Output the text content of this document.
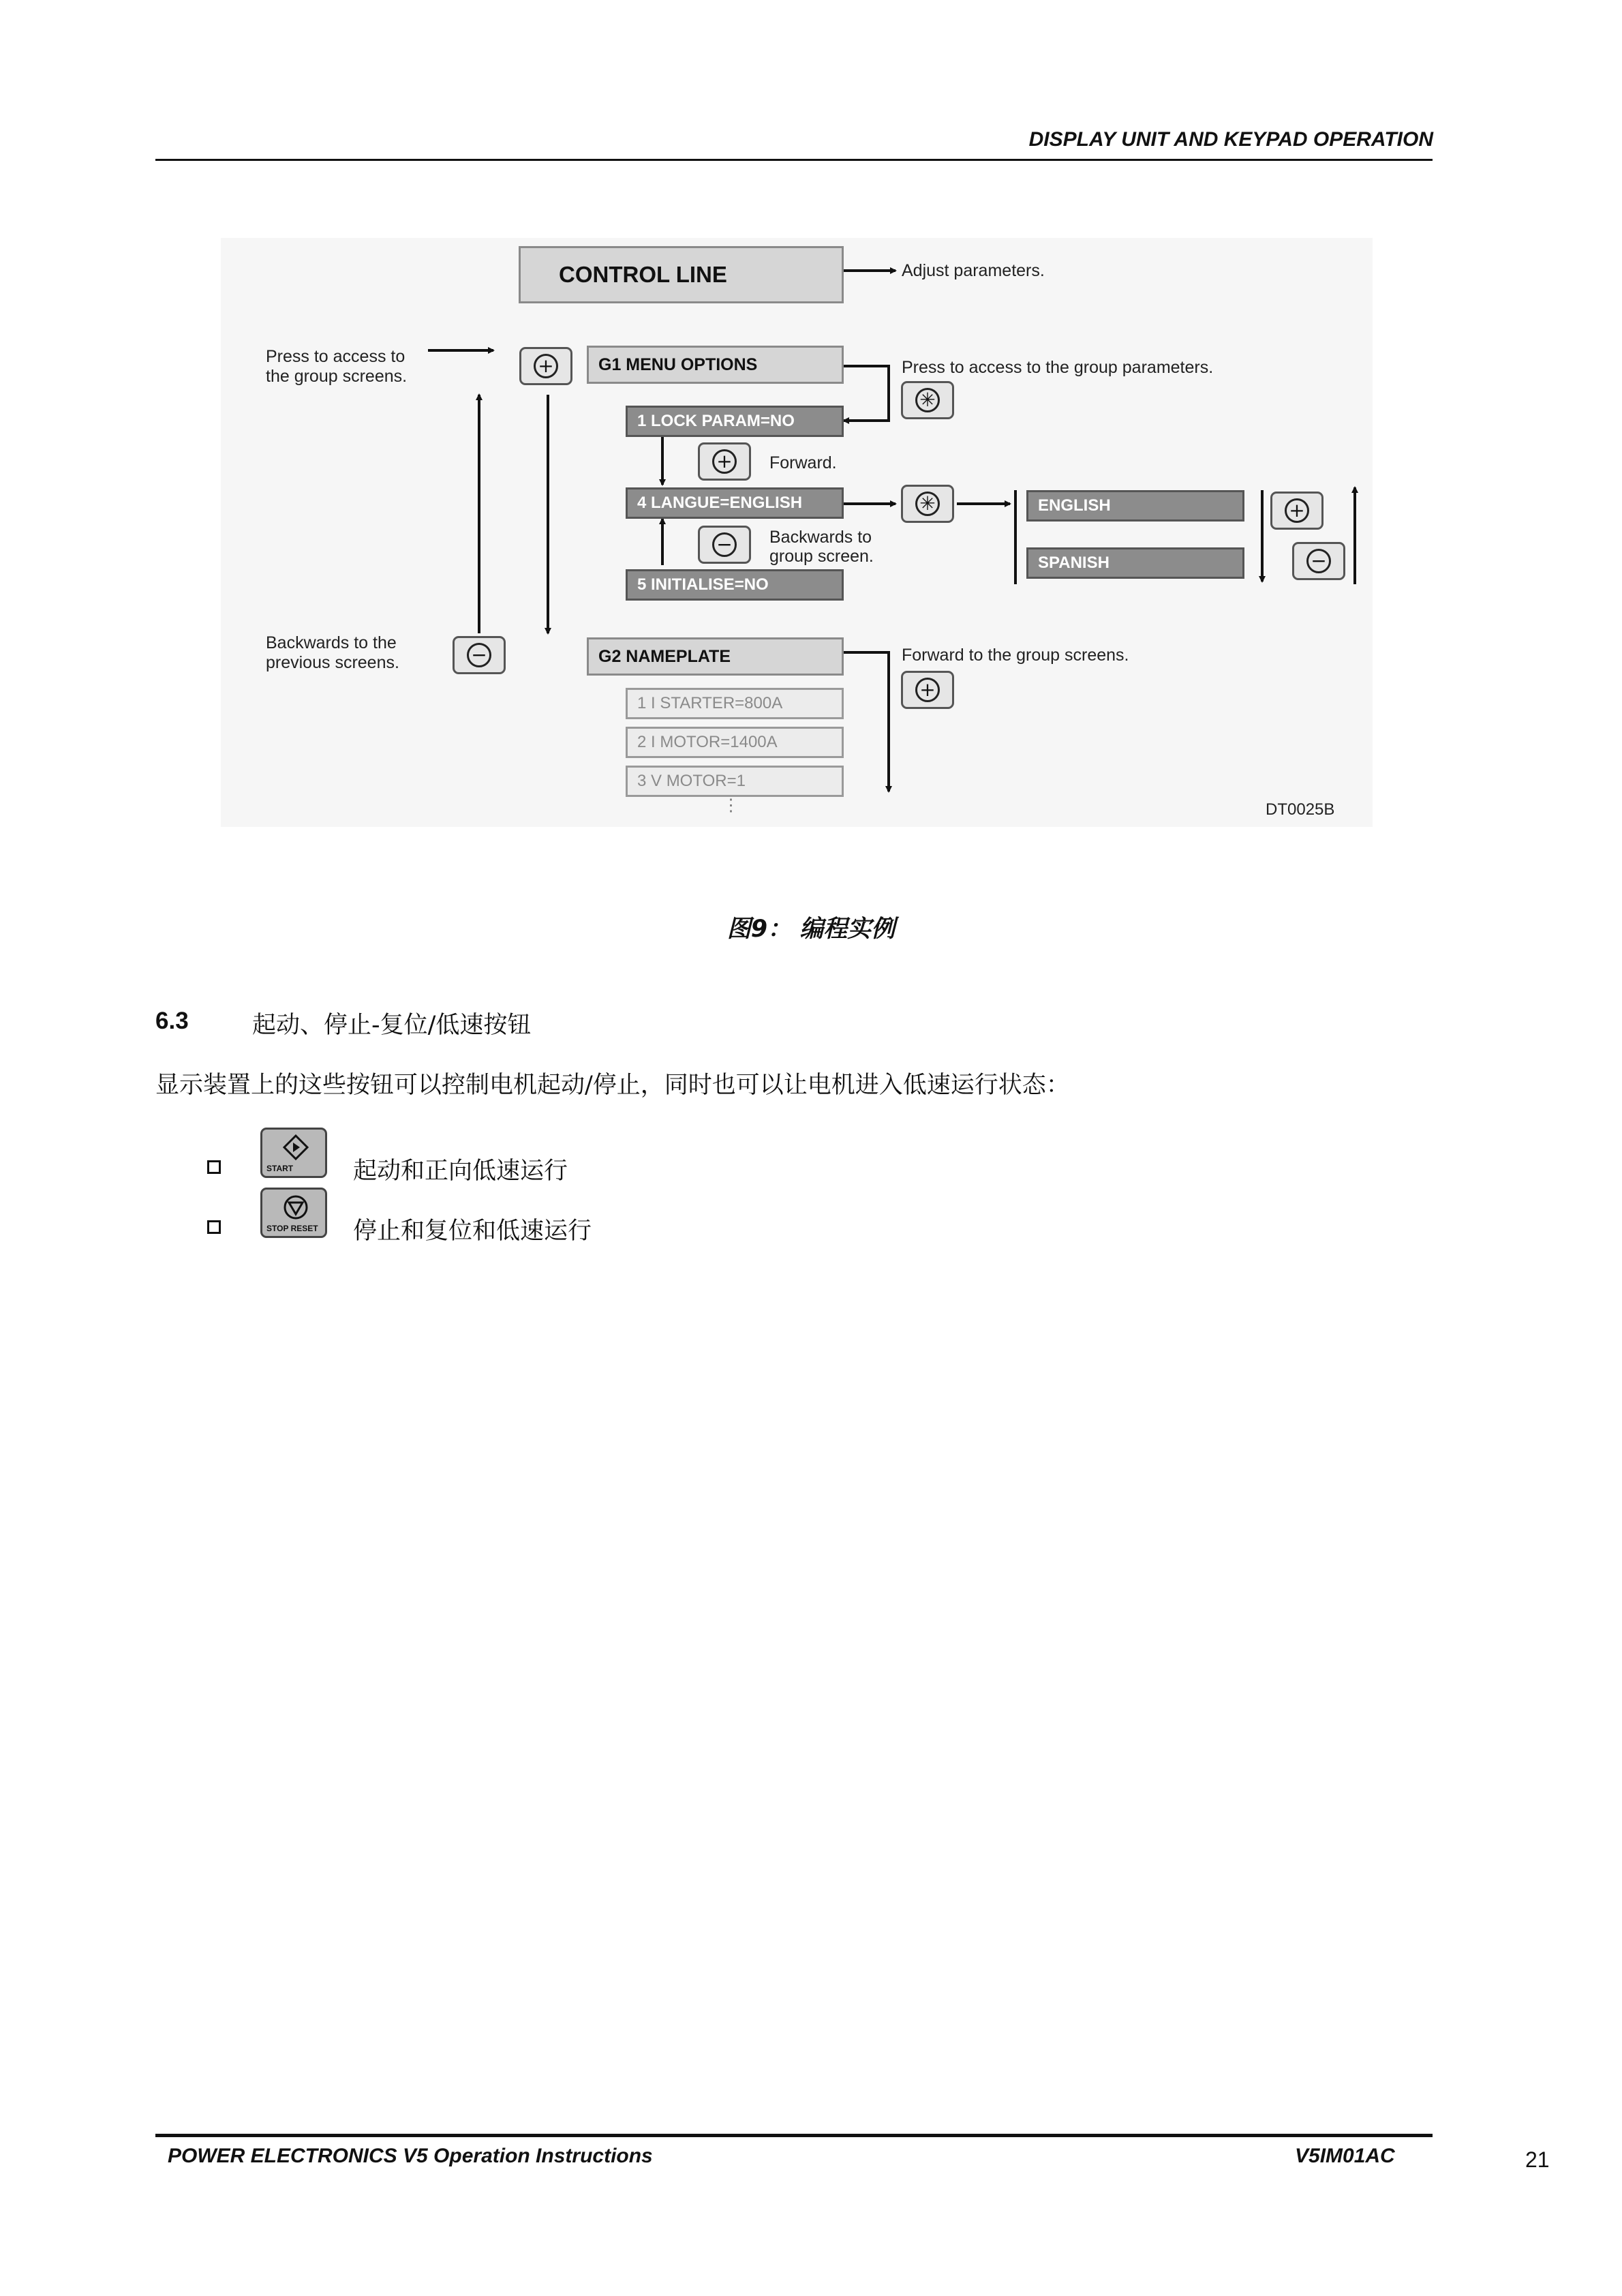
DISPLAY UNIT AND KEYPAD OPERATION
CONTROL LINE	Adjust parameters.
Press to access to
the group screens.	+	G1 MENU OPTIONS	Press to access to the group parameters.
✳
1 LOCK PARAM=NO
+ Forward.
4 LANGUE=ENGLISH	✳
− Backwards to
group screen.
5 INITIALISE=NO
ENGLISH
SPANISH
+
−
Backwards to the
previous screens.	−	G2 NAMEPLATE	Forward to the group screens.
+
1 I STARTER=800A
2 I MOTOR=1400A
3 V MOTOR=1
⋮	DT0025B
图9： 编程实例
6.3	起动、停止-复位/低速按钮
显示装置上的这些按钮可以控制电机起动/停止，同时也可以让电机进入低速运行状态：
START	起动和正向低速运行
STOP RESET 停止和复位和低速运行
POWER ELECTRONICS V5 Operation Instructions	V5IM01AC	21
